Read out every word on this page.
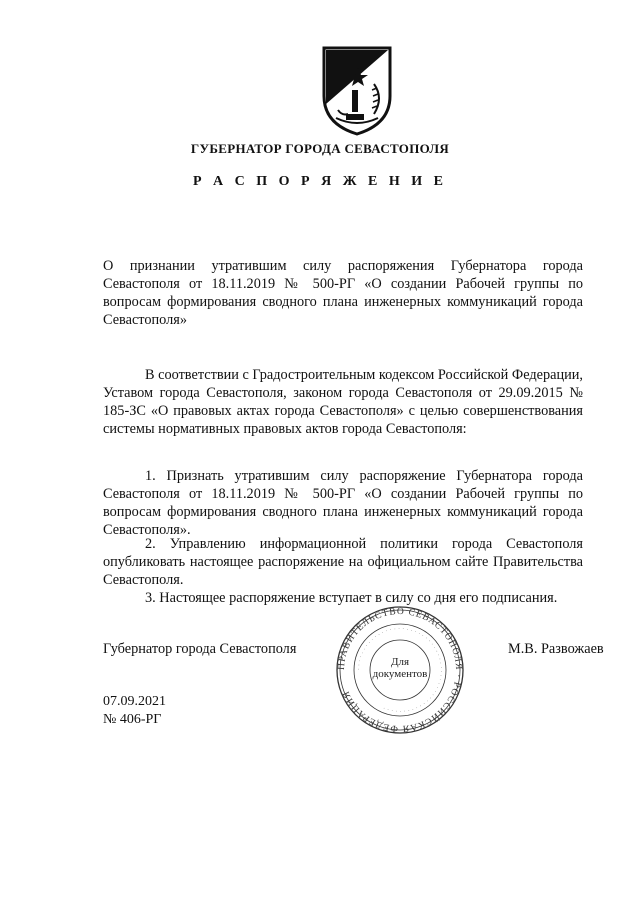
ГУБЕРНАТОР ГОРОДА СЕВАСТОПОЛЯ
Р А С П О Р Я Ж Е Н И Е

О признании утратившим силу распоряжения Губернатора города Севастополя от 18.11.2019 № 500-РГ «О создании Рабочей группы по вопросам формирования сводного плана инженерных коммуникаций города Севастополя»

В соответствии с Градостроительным кодексом Российской Федерации, Уставом города Севастополя, законом города Севастополя от 29.09.2015 № 185-ЗС «О правовых актах города Севастополя» с целью совершенствования системы нормативных правовых актов города Севастополя:

1. Признать утратившим силу распоряжение Губернатора города Севастополя от 18.11.2019 № 500-РГ «О создании Рабочей группы по вопросам формирования сводного плана инженерных коммуникаций города Севастополя».

2. Управлению информационной политики города Севастополя опубликовать настоящее распоряжение на официальном сайте Правительства Севастополя.

3. Настоящее распоряжение вступает в силу со дня его подписания.

Губернатор города Севастополя
ПРАВИТЕЛЬСТВО СЕВАСТОПОЛЯ · РОССИЙСКАЯ ФЕДЕРАЦИЯ
· · · · · · · · · · · · · · · · · · · · · · · · · · · · · · · · · · · · · · · · · · · · · · · · · · ·
Для документов
М.В. Развожаев
07.09.2021
№ 406-РГ
